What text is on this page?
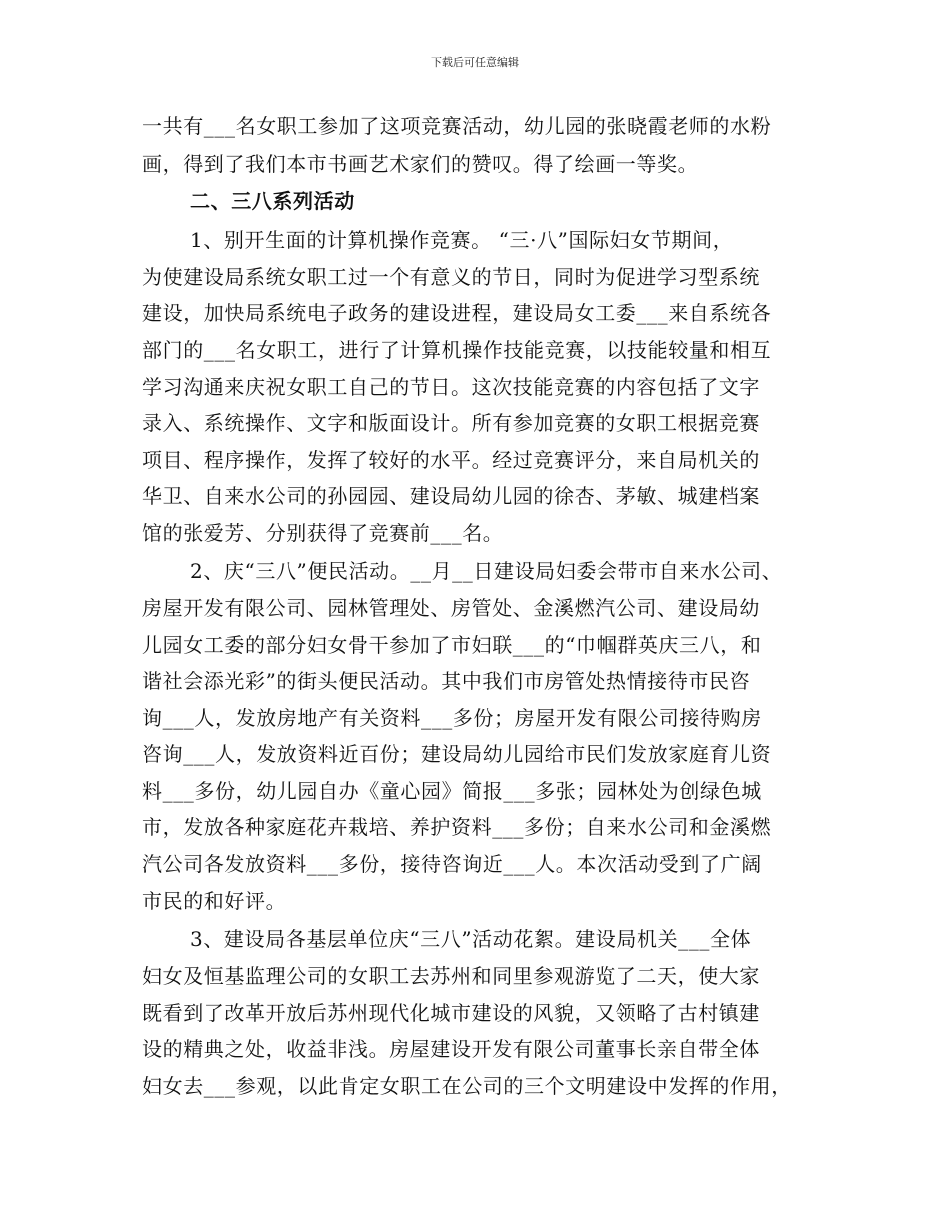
下载后可任意编辑
一共有___名女职工参加了这项竞赛活动，幼儿园的张晓霞老师的水粉
画，得到了我们本市书画艺术家们的赞叹。得了绘画一等奖。
二、三八系列活动
1、别开生面的计算机操作竞赛。 “三·八”国际妇女节期间，
为使建设局系统女职工过一个有意义的节日，同时为促进学习型系统
建设，加快局系统电子政务的建设进程，建设局女工委___来自系统各
部门的___名女职工，进行了计算机操作技能竞赛，以技能较量和相互
学习沟通来庆祝女职工自己的节日。这次技能竞赛的内容包括了文字
录入、系统操作、文字和版面设计。所有参加竞赛的女职工根据竞赛
项目、程序操作，发挥了较好的水平。经过竞赛评分，来自局机关的
华卫、自来水公司的孙园园、建设局幼儿园的徐杏、茅敏、城建档案
馆的张爱芳、分别获得了竞赛前___名。
2、庆“三八”便民活动。__月__日建设局妇委会带市自来水公司、
房屋开发有限公司、园林管理处、房管处、金溪燃汽公司、建设局幼
儿园女工委的部分妇女骨干参加了市妇联___的“巾帼群英庆三八，和
谐社会添光彩”的街头便民活动。其中我们市房管处热情接待市民咨
询___人，发放房地产有关资料___多份；房屋开发有限公司接待购房
咨询___人，发放资料近百份；建设局幼儿园给市民们发放家庭育儿资
料___多份，幼儿园自办《童心园》简报___多张；园林处为创绿色城
市，发放各种家庭花卉栽培、养护资料___多份；自来水公司和金溪燃
汽公司各发放资料___多份，接待咨询近___人。本次活动受到了广阔
市民的和好评。
3、建设局各基层单位庆“三八”活动花絮。建设局机关___全体
妇女及恒基监理公司的女职工去苏州和同里参观游览了二天，使大家
既看到了改革开放后苏州现代化城市建设的风貌，又领略了古村镇建
设的精典之处，收益非浅。房屋建设开发有限公司董事长亲自带全体
妇女去___参观，以此肯定女职工在公司的三个文明建设中发挥的作用，
